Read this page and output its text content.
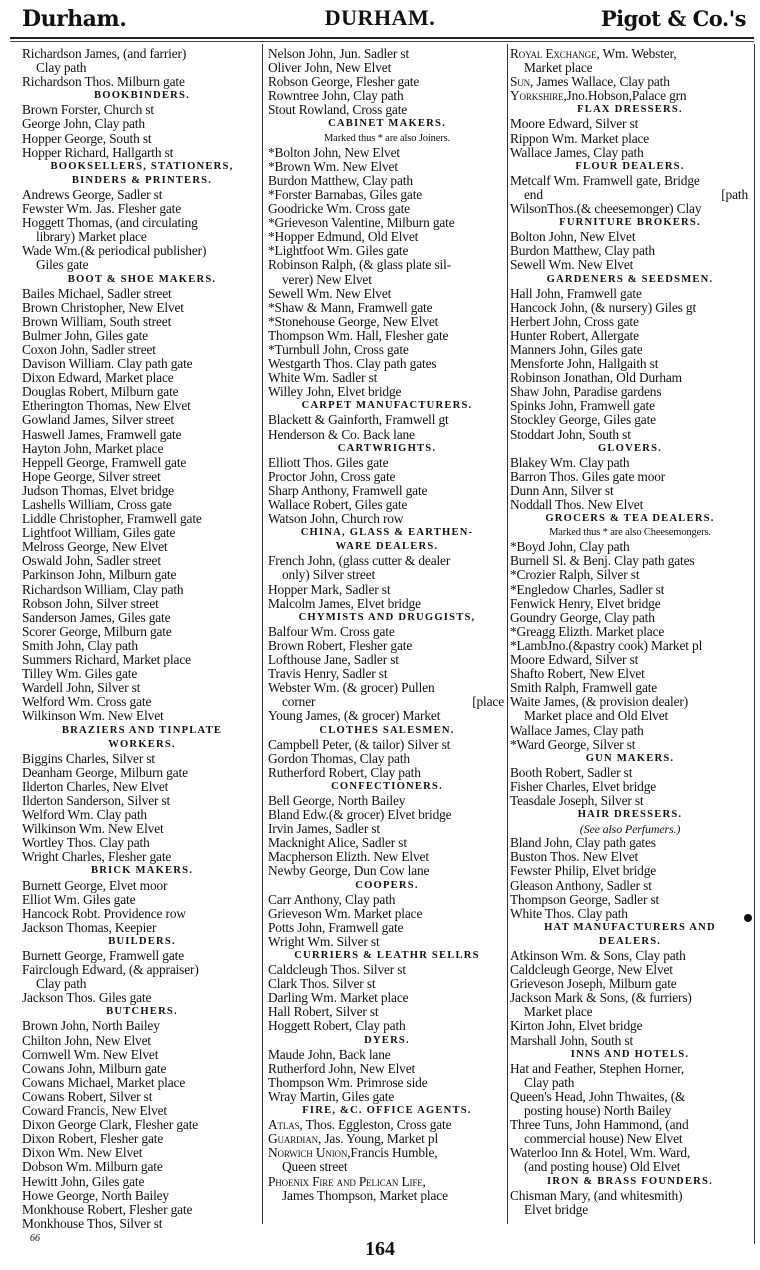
Durham.	DURHAM.	Pigot & Co.'s
Richardson James, (and farrier)
Clay path
Richardson Thos. Milburn gate
BOOKBINDERS.
Brown Forster, Church st
George John, Clay path
Hopper George, South st
Hopper Richard, Hallgarth st
BOOKSELLERS, STATIONERS,
BINDERS & PRINTERS.
Andrews George, Sadler st
Fewster Wm. Jas. Flesher gate
Hoggett Thomas, (and circulating
library) Market place
Wade Wm.(& periodical publisher)
Giles gate
BOOT & SHOE MAKERS.
Bailes Michael, Sadler street
Brown Christopher, New Elvet
Brown William, South street
Bulmer John, Giles gate
Coxon John, Sadler street
Davison William. Clay path gate
Dixon Edward, Market place
Douglas Robert, Milburn gate
Etherington Thomas, New Elvet
Gowland James, Silver street
Haswell James, Framwell gate
Hayton John, Market place
Heppell George, Framwell gate
Hope George, Silver street
Judson Thomas, Elvet bridge
Lashells William, Cross gate
Liddle Christopher, Framwell gate
Lightfoot William, Giles gate
Melross George, New Elvet
Oswald John, Sadler street
Parkinson John, Milburn gate
Richardson William, Clay path
Robson John, Silver street
Sanderson James, Giles gate
Scorer George, Milburn gate
Smith John, Clay path
Summers Richard, Market place
Tilley Wm. Giles gate
Wardell John, Silver st
Welford Wm. Cross gate
Wilkinson Wm. New Elvet
BRAZIERS AND TINPLATE
WORKERS.
Biggins Charles, Silver st
Deanham George, Milburn gate
Ilderton Charles, New Elvet
Ilderton Sanderson, Silver st
Welford Wm. Clay path
Wilkinson Wm. New Elvet
Wortley Thos. Clay path
Wright Charles, Flesher gate
BRICK MAKERS.
Burnett George, Elvet moor
Elliot Wm. Giles gate
Hancock Robt. Providence row
Jackson Thomas, Keepier
BUILDERS.
Burnett George, Framwell gate
Fairclough Edward, (& appraiser)
Clay path
Jackson Thos. Giles gate
BUTCHERS.
Brown John, North Bailey
Chilton John, New Elvet
Cornwell Wm. New Elvet
Cowans John, Milburn gate
Cowans Michael, Market place
Cowans Robert, Silver st
Coward Francis, New Elvet
Dixon George Clark, Flesher gate
Dixon Robert, Flesher gate
Dixon Wm. New Elvet
Dobson Wm. Milburn gate
Hewitt John, Giles gate
Howe George, North Bailey
Monkhouse Robert, Flesher gate
Monkhouse Thos, Silver st
Nelson John, Jun. Sadler st
Oliver John, New Elvet
Robson George, Flesher gate
Rowntree John, Clay path
Stout Rowland, Cross gate
CABINET MAKERS.
Marked thus * are also Joiners.
*Bolton John, New Elvet
*Brown Wm. New Elvet
Burdon Matthew, Clay path
*Forster Barnabas, Giles gate
Goodricke Wm. Cross gate
*Grieveson Valentine, Milburn gate
*Hopper Edmund, Old Elvet
*Lightfoot Wm. Giles gate
Robinson Ralph, (& glass plate sil-
verer) New Elvet
Sewell Wm. New Elvet
*Shaw & Mann, Framwell gate
*Stonehouse George, New Elvet
Thompson Wm. Hall, Flesher gate
*Turnbull John, Cross gate
Westgarth Thos. Clay path gates
White Wm. Sadler st
Willey John, Elvet bridge
CARPET MANUFACTURERS.
Blackett & Gainforth, Framwell gt
Henderson & Co. Back lane
CARTWRIGHTS.
Elliott Thos. Giles gate
Proctor John, Cross gate
Sharp Anthony, Framwell gate
Wallace Robert, Giles gate
Watson John, Church row
CHINA, GLASS & EARTHEN-
WARE DEALERS.
French John, (glass cutter & dealer
only) Silver street
Hopper Mark, Sadler st
Malcolm James, Elvet bridge
CHYMISTS AND DRUGGISTS,
Balfour Wm. Cross gate
Brown Robert, Flesher gate
Lofthouse Jane, Sadler st
Travis Henry, Sadler st
Webster Wm. (& grocer) Pullen
corner	[place
Young James, (& grocer) Market
CLOTHES SALESMEN.
Campbell Peter, (& tailor) Silver st
Gordon Thomas, Clay path
Rutherford Robert, Clay path
CONFECTIONERS.
Bell George, North Bailey
Bland Edw.(& grocer) Elvet bridge
Irvin James, Sadler st
Macknight Alice, Sadler st
Macpherson Elizth. New Elvet
Newby George, Dun Cow lane
COOPERS.
Carr Anthony, Clay path
Grieveson Wm. Market place
Potts John, Framwell gate
Wright Wm. Silver st
CURRIERS & LEATHR SELLRS
Caldcleugh Thos. Silver st
Clark Thos. Silver st
Darling Wm. Market place
Hall Robert, Silver st
Hoggett Robert, Clay path
DYERS.
Maude John, Back lane
Rutherford John, New Elvet
Thompson Wm. Primrose side
Wray Martin, Giles gate
FIRE, &C. OFFICE AGENTS.
Atlas, Thos. Eggleston, Cross gate
Guardian, Jas. Young, Market pl
Norwich Union,Francis Humble,
Queen street
Phoenix Fire and Pelican Life,
James Thompson, Market place
Royal Exchange, Wm. Webster,
Market place
Sun, James Wallace, Clay path
Yorkshire,Jno.Hobson,Palace grn
FLAX DRESSERS.
Moore Edward, Silver st
Rippon Wm. Market place
Wallace James, Clay path
FLOUR DEALERS.
Metcalf Wm. Framwell gate, Bridge
end	[path
WilsonThos.(& cheesemonger) Clay
FURNITURE BROKERS.
Bolton John, New Elvet
Burdon Matthew, Clay path
Sewell Wm. New Elvet
GARDENERS & SEEDSMEN.
Hall John, Framwell gate
Hancock John, (& nursery) Giles gt
Herbert John, Cross gate
Hunter Robert, Allergate
Manners John, Giles gate
Mensforte John, Hallgaith st
Robinson Jonathan, Old Durham
Shaw John, Paradise gardens
Spinks John, Framwell gate
Stockley George, Giles gate
Stoddart John, South st
GLOVERS.
Blakey Wm. Clay path
Barron Thos. Giles gate moor
Dunn Ann, Silver st
Noddall Thos. New Elvet
GROCERS & TEA DEALERS.
Marked thus * are also Cheesemongers.
*Boyd John, Clay path
Burnell Sl. & Benj. Clay path gates
*Crozier Ralph, Silver st
*Engledow Charles, Sadler st
Fenwick Henry, Elvet bridge
Goundry George, Clay path
*Greagg Elizth. Market place
*LambJno.(&pastry cook) Market pl
Moore Edward, Silver st
Shafto Robert, New Elvet
Smith Ralph, Framwell gate
Waite James, (& provision dealer)
Market place and Old Elvet
Wallace James, Clay path
*Ward George, Silver st
GUN MAKERS.
Booth Robert, Sadler st
Fisher Charles, Elvet bridge
Teasdale Joseph, Silver st
HAIR DRESSERS.
(See also Perfumers.)
Bland John, Clay path gates
Buston Thos. New Elvet
Fewster Philip, Elvet bridge
Gleason Anthony, Sadler st
Thompson George, Sadler st
White Thos. Clay path
HAT MANUFACTURERS AND
DEALERS.
Atkinson Wm. & Sons, Clay path
Caldcleugh George, New Elvet
Grieveson Joseph, Milburn gate
Jackson Mark & Sons, (& furriers)
Market place
Kirton John, Elvet bridge
Marshall John, South st
INNS AND HOTELS.
Hat and Feather, Stephen Horner,
Clay path
Queen's Head, John Thwaites, (&
posting house) North Bailey
Three Tuns, John Hammond, (and
commercial house) New Elvet
Waterloo Inn & Hotel, Wm. Ward,
(and posting house) Old Elvet
IRON & BRASS FOUNDERS.
Chisman Mary, (and whitesmith)
Elvet bridge
66	164
